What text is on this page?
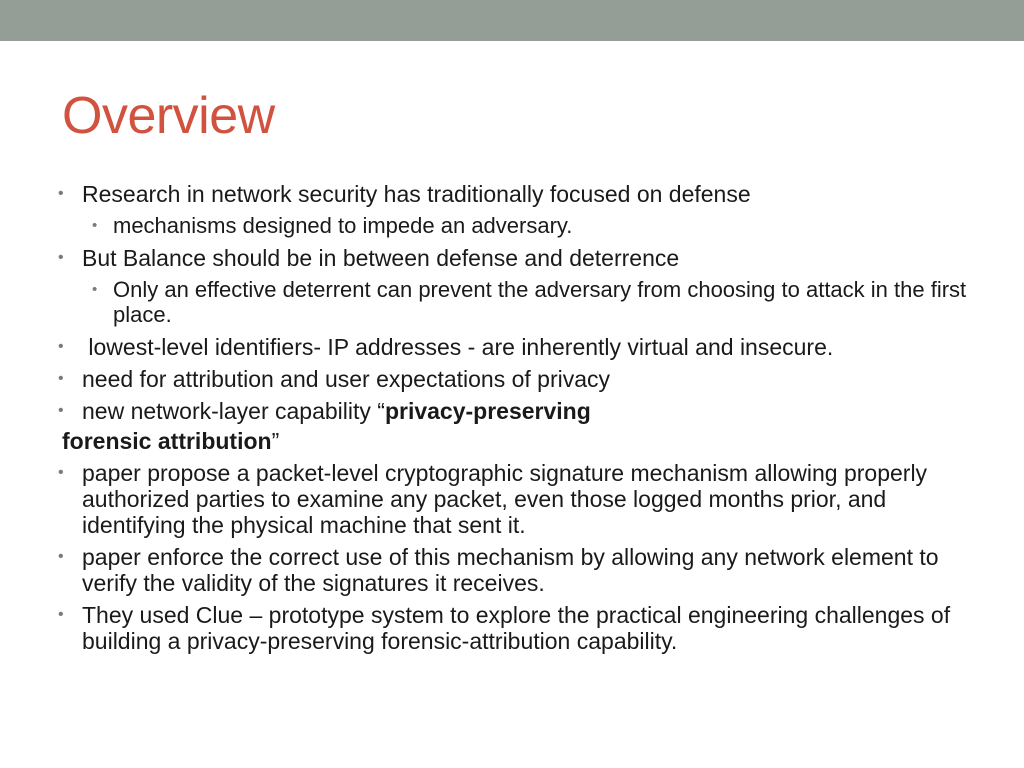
Overview
• Research in network security has traditionally focused on defense
• mechanisms designed to impede an adversary.
• But Balance should be in between defense and deterrence
• Only an effective deterrent can prevent the adversary from choosing to attack in the first place.
• lowest-level identifiers- IP addresses - are inherently virtual and insecure.
• need for attribution and user expectations of privacy
• new network-layer capability “privacy-preserving
forensic attribution”
• paper propose a packet-level cryptographic signature mechanism allowing properly authorized parties to examine any packet, even those logged months prior, and identifying the physical machine that sent it.
• paper enforce the correct use of this mechanism by allowing any network element to verify the validity of the signatures it receives.
• They used Clue – prototype system to explore the practical engineering challenges of building a privacy-preserving forensic-attribution capability.
